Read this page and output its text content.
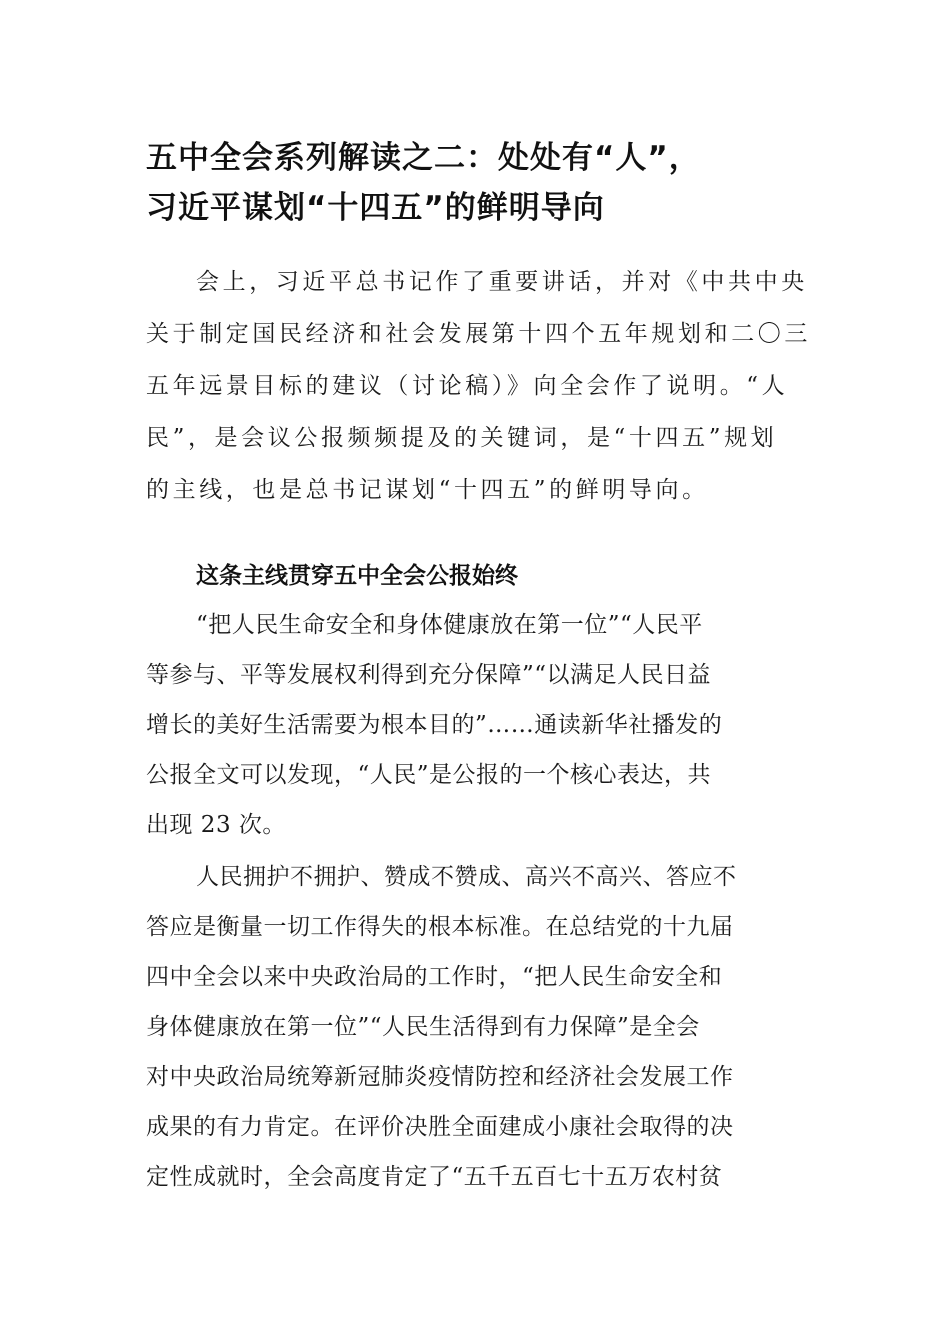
五中全会系列解读之二：处处有“人”，
习近平谋划“十四五”的鲜明导向

会上，习近平总书记作了重要讲话，并对《中共中央
关于制定国民经济和社会发展第十四个五年规划和二〇三
五年远景目标的建议（讨论稿）》向全会作了说明。“人
民”，是会议公报频频提及的关键词，是“十四五”规划
的主线，也是总书记谋划“十四五”的鲜明导向。

这条主线贯穿五中全会公报始终

“把人民生命安全和身体健康放在第一位”“人民平
等参与、平等发展权利得到充分保障”“以满足人民日益
增长的美好生活需要为根本目的”……通读新华社播发的
公报全文可以发现，“人民”是公报的一个核心表达，共
出现 23 次。

人民拥护不拥护、赞成不赞成、高兴不高兴、答应不
答应是衡量一切工作得失的根本标准。在总结党的十九届
四中全会以来中央政治局的工作时，“把人民生命安全和
身体健康放在第一位”“人民生活得到有力保障”是全会
对中央政治局统筹新冠肺炎疫情防控和经济社会发展工作
成果的有力肯定。在评价决胜全面建成小康社会取得的决
定性成就时，全会高度肯定了“五千五百七十五万农村贫
